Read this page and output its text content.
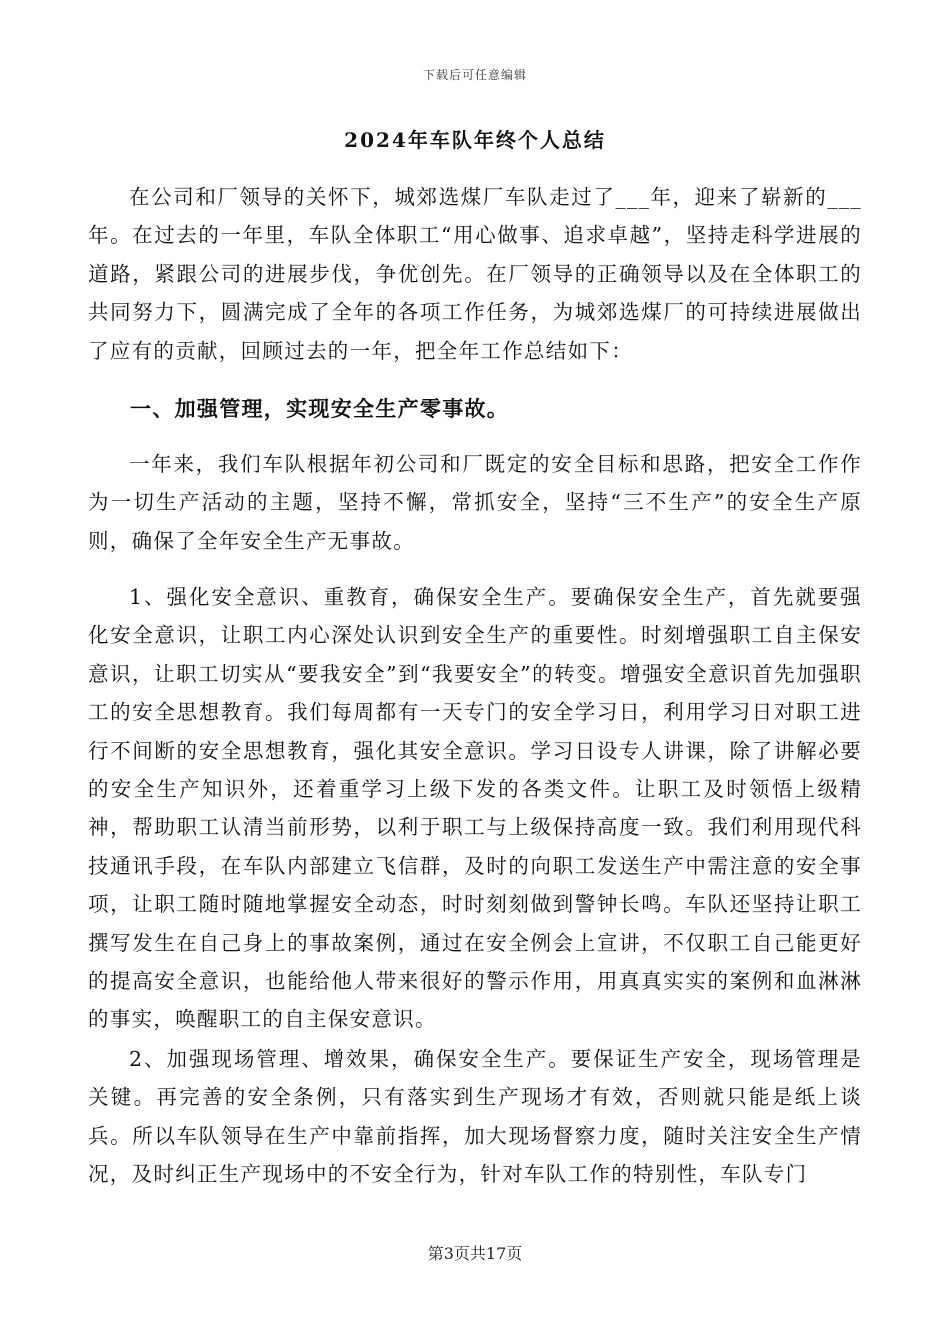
下载后可任意编辑
2024年车队年终个人总结

在公司和厂领导的关怀下，城郊选煤厂车队走过了___年，迎来了崭新的___年。在过去的一年里，车队全体职工“用心做事、追求卓越”，坚持走科学进展的道路，紧跟公司的进展步伐，争优创先。在厂领导的正确领导以及在全体职工的共同努力下，圆满完成了全年的各项工作任务，为城郊选煤厂的可持续进展做出了应有的贡献，回顾过去的一年，把全年工作总结如下：

一、加强管理，实现安全生产零事故。

一年来，我们车队根据年初公司和厂既定的安全目标和思路，把安全工作作为一切生产活动的主题，坚持不懈，常抓安全，坚持“三不生产”的安全生产原则，确保了全年安全生产无事故。

1、强化安全意识、重教育，确保安全生产。要确保安全生产，首先就要强化安全意识，让职工内心深处认识到安全生产的重要性。时刻增强职工自主保安意识，让职工切实从“要我安全”到“我要安全”的转变。增强安全意识首先加强职工的安全思想教育。我们每周都有一天专门的安全学习日，利用学习日对职工进行不间断的安全思想教育，强化其安全意识。学习日设专人讲课，除了讲解必要的安全生产知识外，还着重学习上级下发的各类文件。让职工及时领悟上级精神，帮助职工认清当前形势，以利于职工与上级保持高度一致。我们利用现代科技通讯手段，在车队内部建立飞信群，及时的向职工发送生产中需注意的安全事项，让职工随时随地掌握安全动态，时时刻刻做到警钟长鸣。车队还坚持让职工撰写发生在自己身上的事故案例，通过在安全例会上宣讲，不仅职工自己能更好的提高安全意识，也能给他人带来很好的警示作用，用真真实实的案例和血淋淋的事实，唤醒职工的自主保安意识。

2、加强现场管理、增效果，确保安全生产。要保证生产安全，现场管理是关键。再完善的安全条例，只有落实到生产现场才有效，否则就只能是纸上谈兵。所以车队领导在生产中靠前指挥，加大现场督察力度，随时关注安全生产情况，及时纠正生产现场中的不安全行为，针对车队工作的特别性，车队专门

第3页共17页
